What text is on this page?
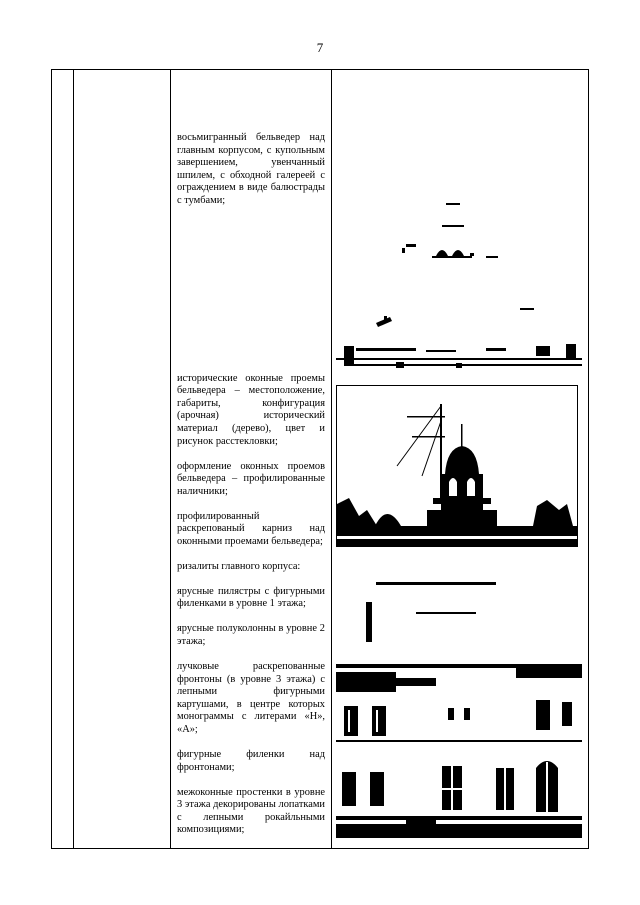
7

восьмигранный бельведер над главным корпусом, с купольным завершением, увенчанный шпилем, с обходной галереей с ограждением в виде балюстрады с тумбами;

исторические оконные проемы бельведера – местоположение, габариты, конфигурация (арочная) исторический материал (дерево), цвет и рисунок расстекловки;

оформление оконных проемов бельведера – профилированные наличники;

профилированный раскрепованый карниз над оконными проемами бельведера;

ризалиты главного корпуса:

ярусные пилястры с фигурными филенками в уровне 1 этажа;

ярусные полуколонны в уровне 2 этажа;

лучковые раскрепованные фронтоны (в уровне 3 этажа) с лепными фигурными картушами, в центре которых монограммы с литерами «Н», «А»;

фигурные филенки над фронтонами;

межоконные простенки в уровне 3 этажа декорированы лопатками с лепными рокайльными композициями;
